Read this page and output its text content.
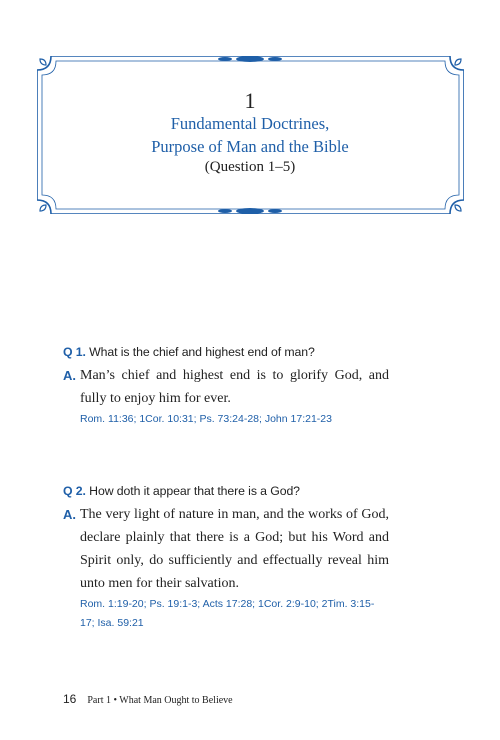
1
Fundamental Doctrines,
Purpose of Man and the Bible
(Question 1–5)
Q 1. What is the chief and highest end of man?
A. Man’s chief and highest end is to glorify God, and fully to enjoy him for ever.
Rom. 11:36; 1Cor. 10:31; Ps. 73:24-28; John 17:21-23
Q 2. How doth it appear that there is a God?
A. The very light of nature in man, and the works of God, declare plainly that there is a God; but his Word and Spirit only, do sufficiently and effectually reveal him unto men for their salvation.
Rom. 1:19-20; Ps. 19:1-3; Acts 17:28; 1Cor. 2:9-10; 2Tim. 3:15-17; Isa. 59:21
16 Part 1 • What Man Ought to Believe
